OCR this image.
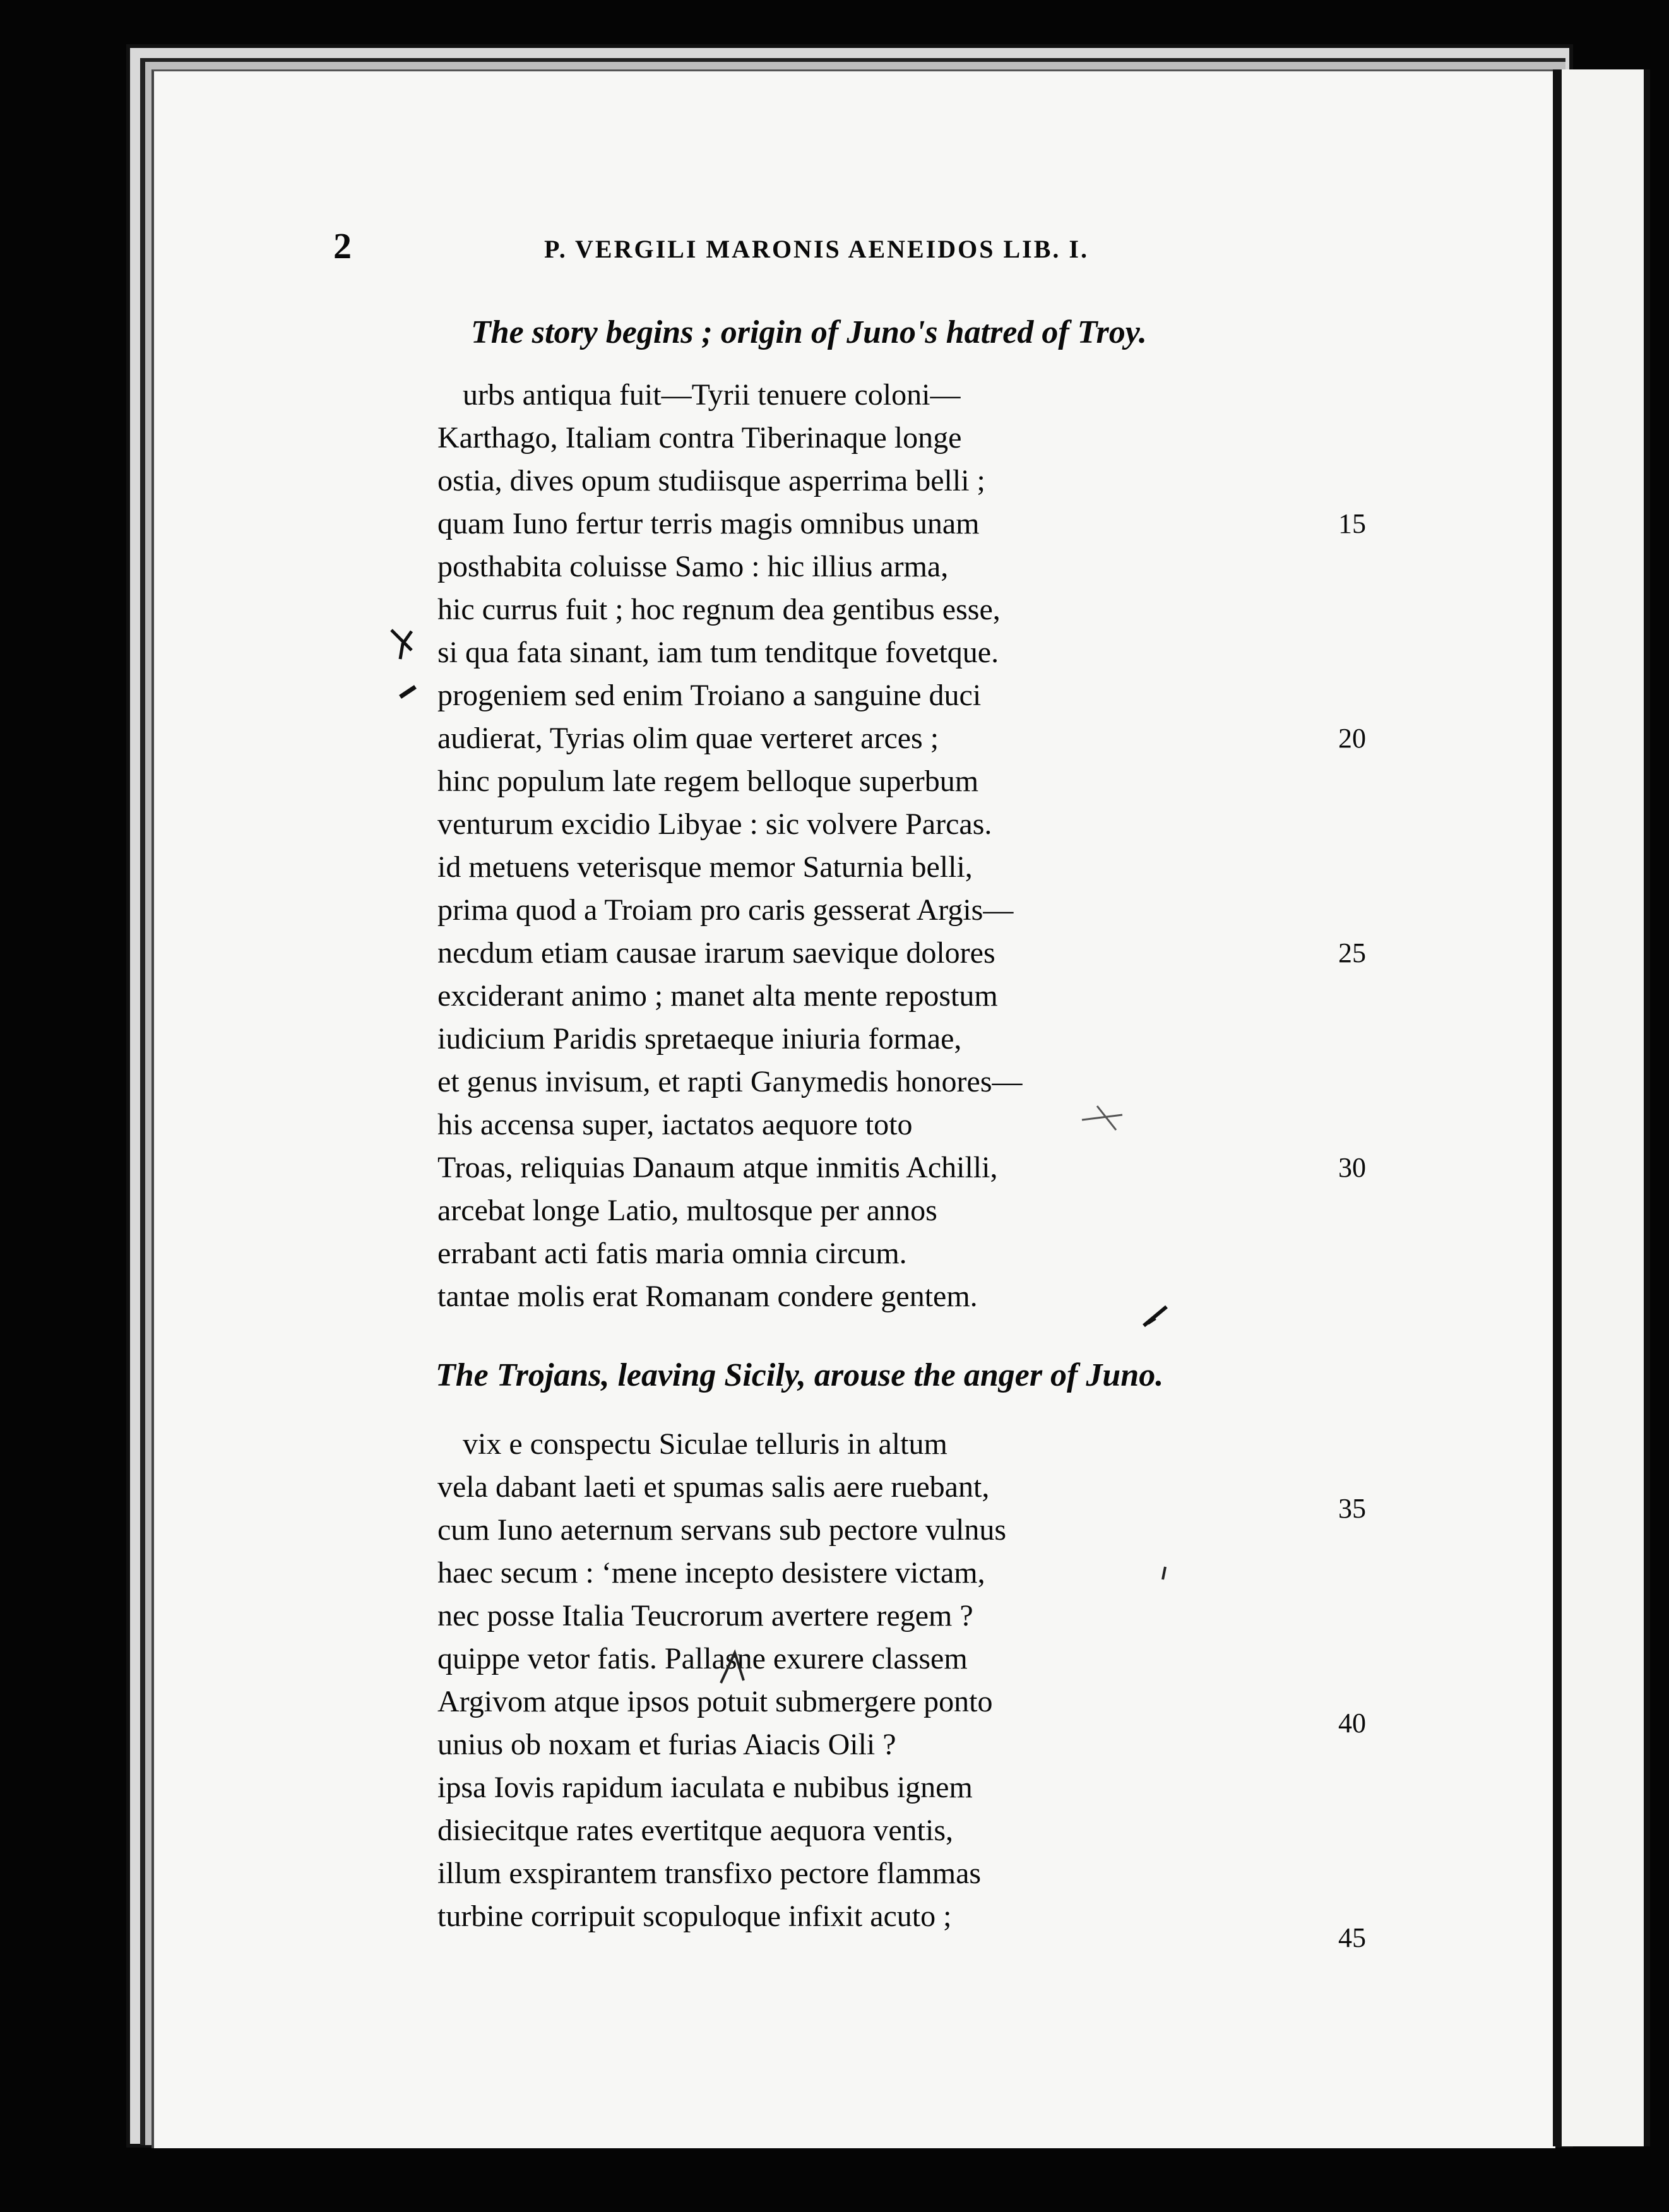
2	P. VERGILI MARONIS AENEIDOS LIB. I.
The story begins ; origin of Juno's hatred of Troy.
urbs antiqua fuit—Tyrii tenuere coloni—
Karthago, Italiam contra Tiberinaque longe
ostia, dives opum studiisque asperrima belli ;
quam Iuno fertur terris magis omnibus unam
posthabita coluisse Samo : hic illius arma,
hic currus fuit ; hoc regnum dea gentibus esse,
si qua fata sinant, iam tum tenditque fovetque.
progeniem sed enim Troiano a sanguine duci
audierat, Tyrias olim quae verteret arces ;
hinc populum late regem belloque superbum
venturum excidio Libyae : sic volvere Parcas.
id metuens veterisque memor Saturnia belli,
prima quod a Troiam pro caris gesserat Argis—
necdum etiam causae irarum saevique dolores
exciderant animo ; manet alta mente repostum
iudicium Paridis spretaeque iniuria formae,
et genus invisum, et rapti Ganymedis honores—
his accensa super, iactatos aequore toto
Troas, reliquias Danaum atque inmitis Achilli,
arcebat longe Latio, multosque per annos
errabant acti fatis maria omnia circum.
tantae molis erat Romanam condere gentem.
The Trojans, leaving Sicily, arouse the anger of Juno.
vix e conspectu Siculae telluris in altum
vela dabant laeti et spumas salis aere ruebant,
cum Iuno aeternum servans sub pectore vulnus
haec secum : ‘mene incepto desistere victam,
nec posse Italia Teucrorum avertere regem ?
quippe vetor fatis. Pallasne exurere classem
Argivom atque ipsos potuit submergere ponto
unius ob noxam et furias Aiacis Oili ?
ipsa Iovis rapidum iaculata e nubibus ignem
disiecitque rates evertitque aequora ventis,
illum exspirantem transfixo pectore flammas
turbine corripuit scopuloque infixit acuto ;
15
20
25
30
35
40
45
